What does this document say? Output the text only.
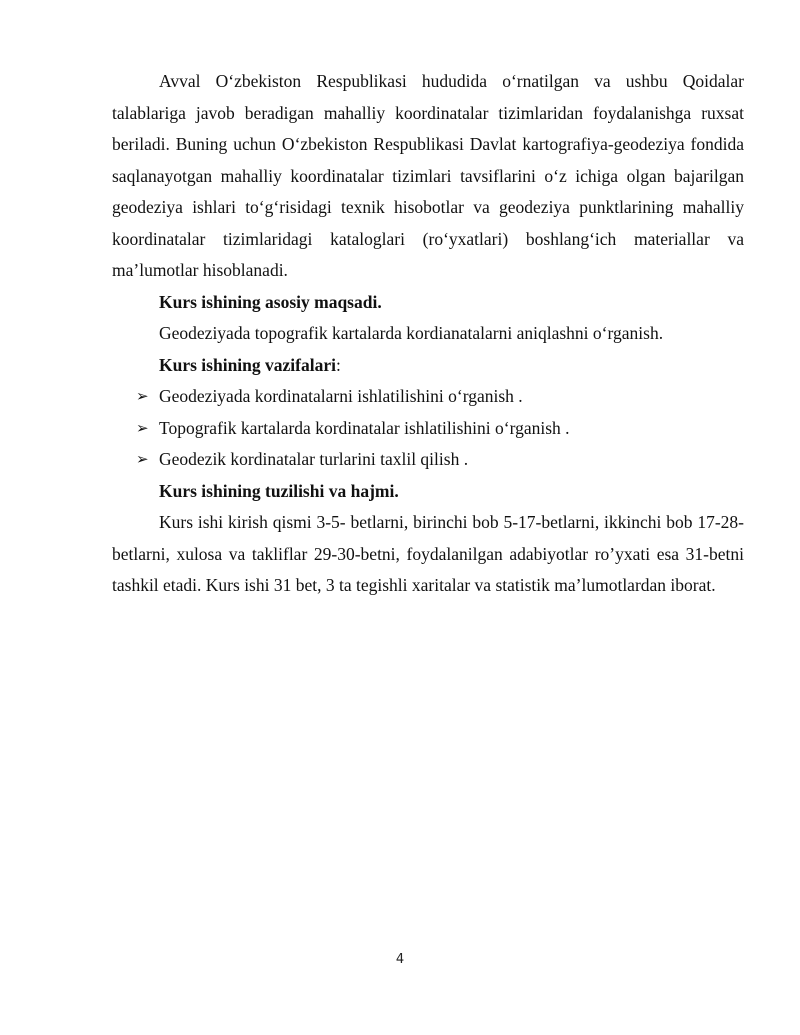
Avval O‘zbekiston Respublikasi hududida o‘rnatilgan va ushbu Qoidalar talablariga javob beradigan mahalliy koordinatalar tizimlaridan foydalanishga ruxsat beriladi. Buning uchun O‘zbekiston Respublikasi Davlat kartografiya-geodeziya fondida saqlanayotgan mahalliy koordinatalar tizimlari tavsiflarini o‘z ichiga olgan bajarilgan geodeziya ishlari to‘g‘risidagi texnik hisobotlar va geodeziya punktlarining mahalliy koordinatalar tizimlaridagi kataloglari (ro‘yxatlari) boshlang‘ich materiallar va ma’lumotlar hisoblanadi.

Kurs ishining asosiy maqsadi.

Geodeziyada topografik kartalarda kordianatalarni aniqlashni o‘rganish.

Kurs ishining vazifalari:

➢ Geodeziyada kordinatalarni ishlatilishini o‘rganish .
➢ Topografik kartalarda kordinatalar ishlatilishini o‘rganish .
➢ Geodezik kordinatalar turlarini taxlil qilish .

Kurs ishining tuzilishi va hajmi.

Kurs ishi kirish qismi 3-5- betlarni, birinchi bob 5-17-betlarni, ikkinchi bob 17-28-betlarni, xulosa va takliflar 29-30-betni, foydalanilgan adabiyotlar ro’yxati esa 31-betni tashkil etadi. Kurs ishi 31 bet, 3 ta tegishli xaritalar va statistik ma’lumotlardan iborat.

4
